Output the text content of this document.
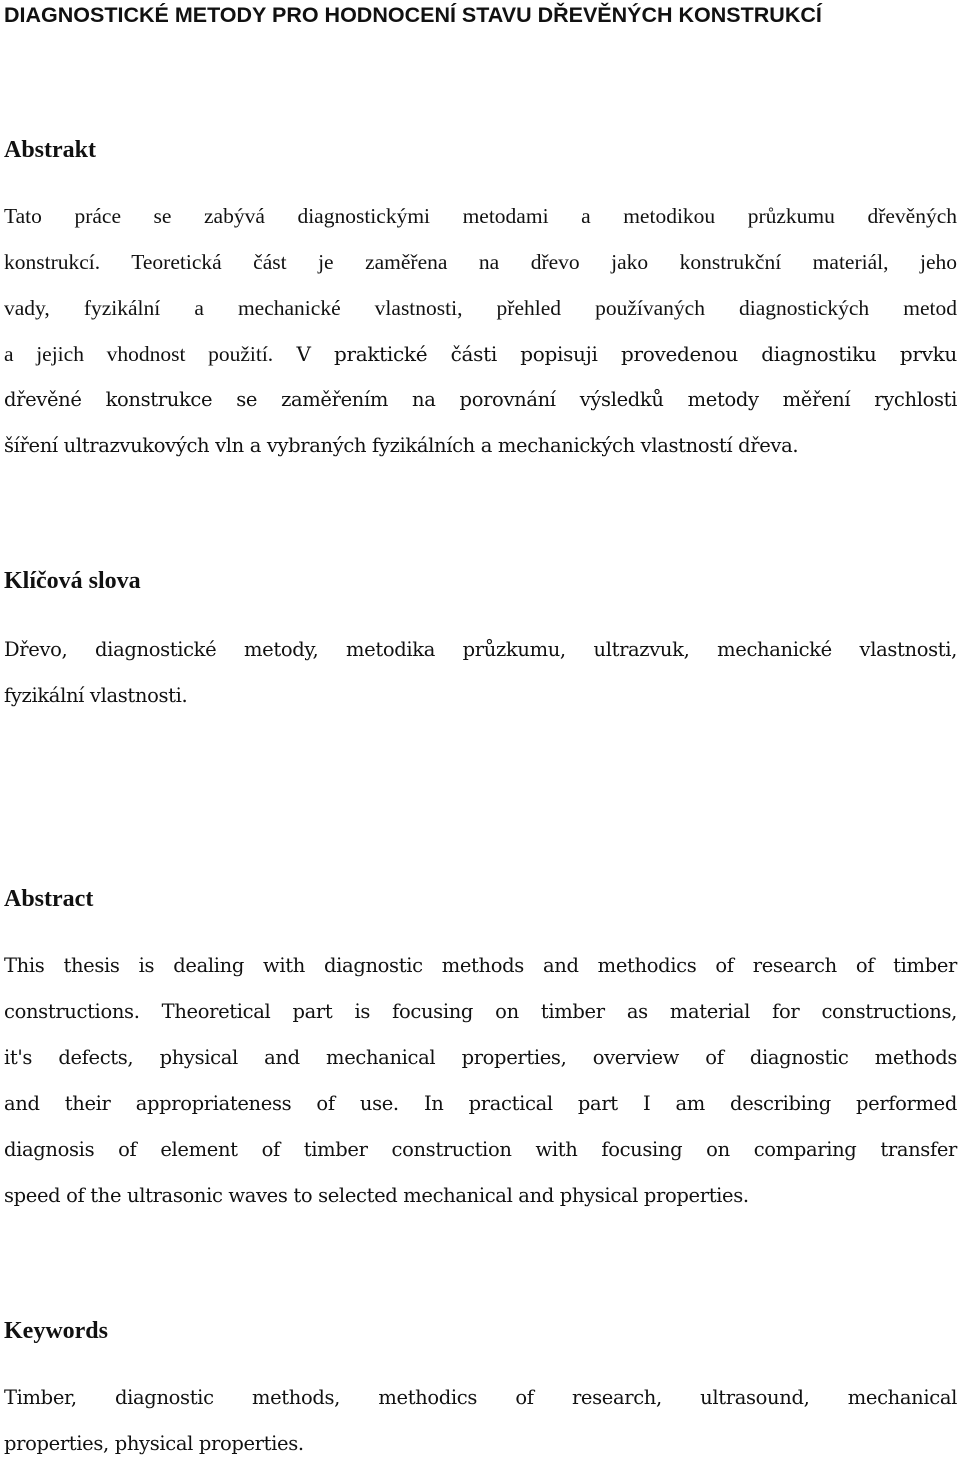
DIAGNOSTICKÉ METODY PRO HODNOCENÍ STAVU DŘEVĚNÝCH KONSTRUKCÍ
Abstrakt
Tato práce se zabývá diagnostickými metodami a metodikou průzkumu dřevěných
konstrukcí. Teoretická část je zaměřena na dřevo jako konstrukční materiál, jeho
vady, fyzikální a mechanické vlastnosti, přehled používaných diagnostických metod
a jejich vhodnost použití. V praktické části popisuji provedenou diagnostiku prvku
dřevěné konstrukce se zaměřením na porovnání výsledků metody měření rychlosti
šíření ultrazvukových vln a vybraných fyzikálních a mechanických vlastností dřeva.
Klíčová slova
Dřevo, diagnostické metody, metodika průzkumu, ultrazvuk, mechanické vlastnosti,
fyzikální vlastnosti.
Abstract
This thesis is dealing with diagnostic methods and methodics of research of timber
constructions. Theoretical part is focusing on timber as material for constructions,
it's defects, physical and mechanical properties, overview of diagnostic methods
and their appropriateness of use. In practical part I am describing performed
diagnosis of element of timber construction with focusing on comparing transfer
speed of the ultrasonic waves to selected mechanical and physical properties.
Keywords
Timber, diagnostic methods, methodics of research, ultrasound, mechanical
properties, physical properties.
